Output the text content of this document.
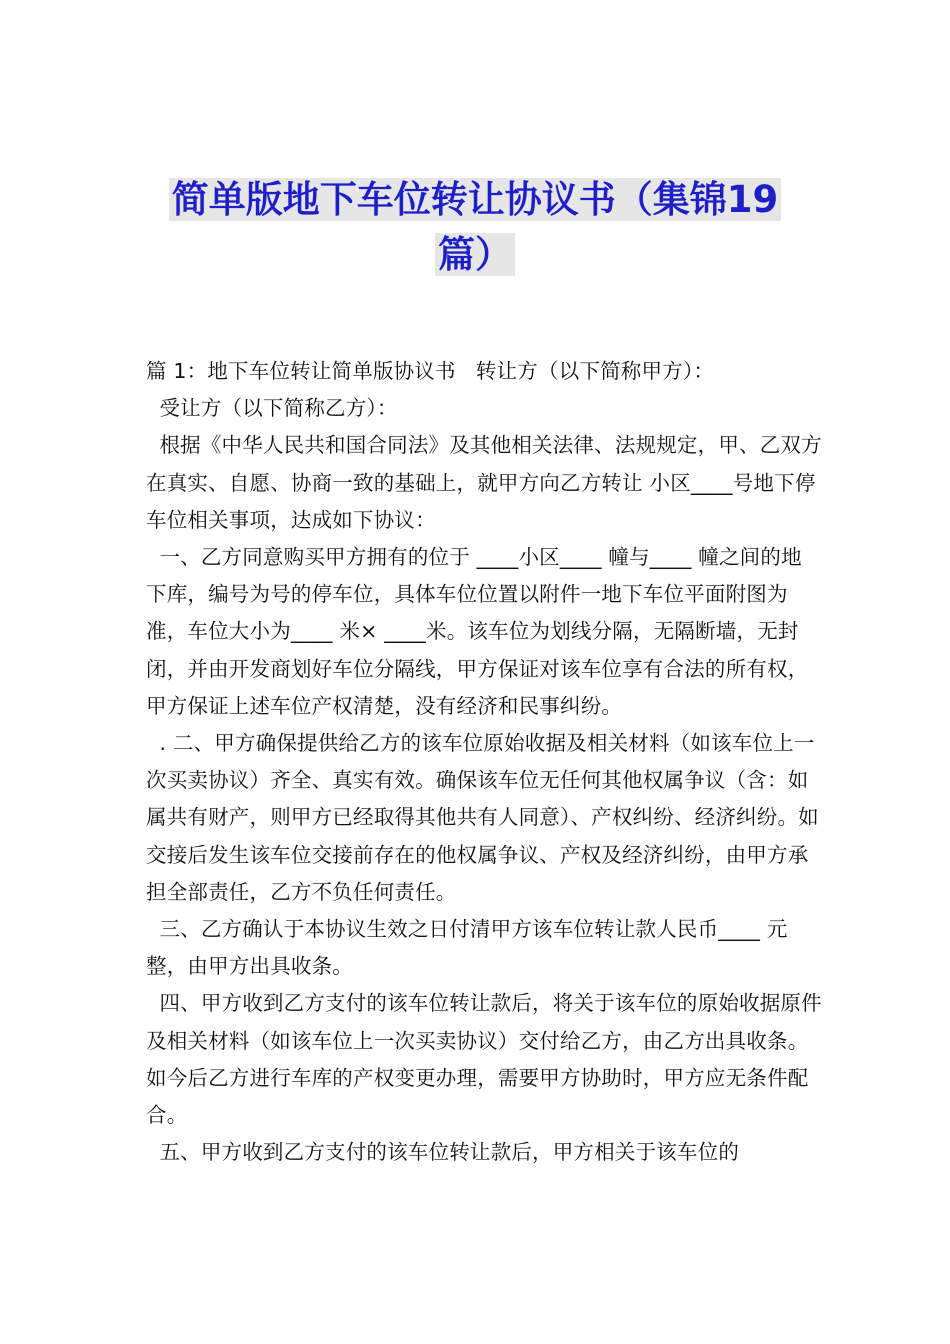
简单版地下车位转让协议书（集锦19篇）

篇 1：地下车位转让简单版协议书   转让方（以下简称甲方）：

受让方（以下简称乙方）：

根据《中华人民共和国合同法》及其他相关法律、法规规定，甲、乙双方在真实、自愿、协商一致的基础上，就甲方向乙方转让 小区____号地下停车位相关事项，达成如下协议：

一、乙方同意购买甲方拥有的位于 ____小区____ 幢与____ 幢之间的地下库，编号为号的停车位，具体车位位置以附件一地下车位平面附图为准，车位大小为____ 米× ____米。该车位为划线分隔，无隔断墙，无封闭，并由开发商划好车位分隔线，甲方保证对该车位享有合法的所有权，甲方保证上述车位产权清楚，没有经济和民事纠纷。

. 二、甲方确保提供给乙方的该车位原始收据及相关材料（如该车位上一次买卖协议）齐全、真实有效。确保该车位无任何其他权属争议（含：如属共有财产，则甲方已经取得其他共有人同意）、产权纠纷、经济纠纷。如交接后发生该车位交接前存在的他权属争议、产权及经济纠纷，由甲方承担全部责任，乙方不负任何责任。

三、乙方确认于本协议生效之日付清甲方该车位转让款人民币____ 元整，由甲方出具收条。

四、甲方收到乙方支付的该车位转让款后，将关于该车位的原始收据原件及相关材料（如该车位上一次买卖协议）交付给乙方，由乙方出具收条。如今后乙方进行车库的产权变更办理，需要甲方协助时，甲方应无条件配合。

五、甲方收到乙方支付的该车位转让款后，甲方相关于该车位的
